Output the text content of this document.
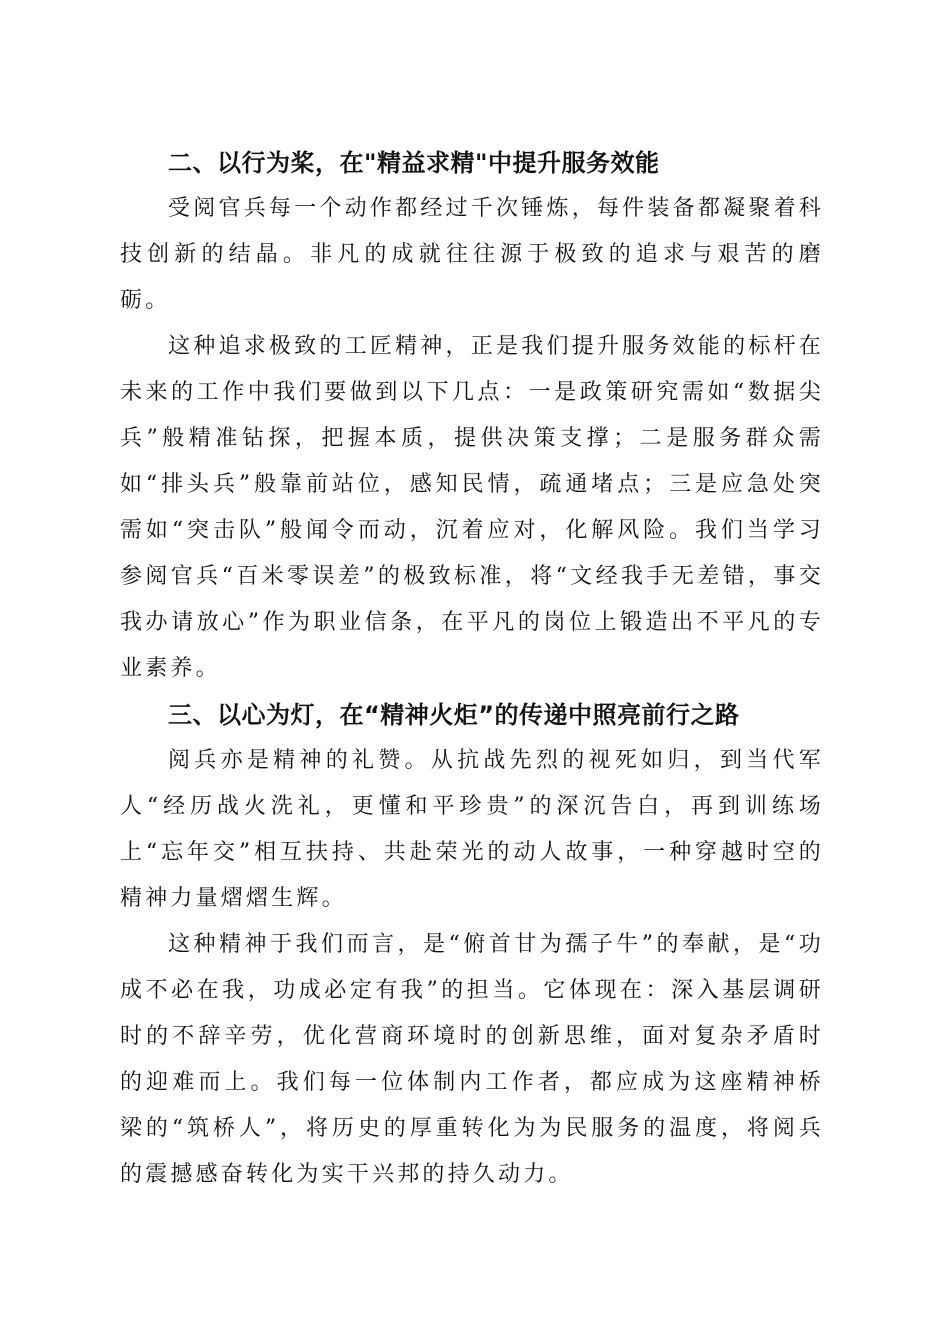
二、以行为桨，在"精益求精"中提升服务效能

受阅官兵每一个动作都经过千次锤炼，每件装备都凝聚着科技创新的结晶。非凡的成就往往源于极致的追求与艰苦的磨砺。

这种追求极致的工匠精神，正是我们提升服务效能的标杆在未来的工作中我们要做到以下几点：一是政策研究需如“数据尖兵”般精准钻探，把握本质，提供决策支撑；二是服务群众需如“排头兵”般靠前站位，感知民情，疏通堵点；三是应急处突需如“突击队”般闻令而动，沉着应对，化解风险。我们当学习参阅官兵“百米零误差”的极致标准，将“文经我手无差错，事交我办请放心”作为职业信条，在平凡的岗位上锻造出不平凡的专业素养。

三、以心为灯，在“精神火炬”的传递中照亮前行之路

阅兵亦是精神的礼赞。从抗战先烈的视死如归，到当代军人“经历战火洗礼，更懂和平珍贵”的深沉告白，再到训练场上“忘年交”相互扶持、共赴荣光的动人故事，一种穿越时空的精神力量熠熠生辉。

这种精神于我们而言，是“俯首甘为孺子牛”的奉献，是“功成不必在我，功成必定有我”的担当。它体现在：深入基层调研时的不辞辛劳，优化营商环境时的创新思维，面对复杂矛盾时的迎难而上。我们每一位体制内工作者，都应成为这座精神桥梁的“筑桥人”，将历史的厚重转化为为民服务的温度，将阅兵的震撼感奋转化为实干兴邦的持久动力。
